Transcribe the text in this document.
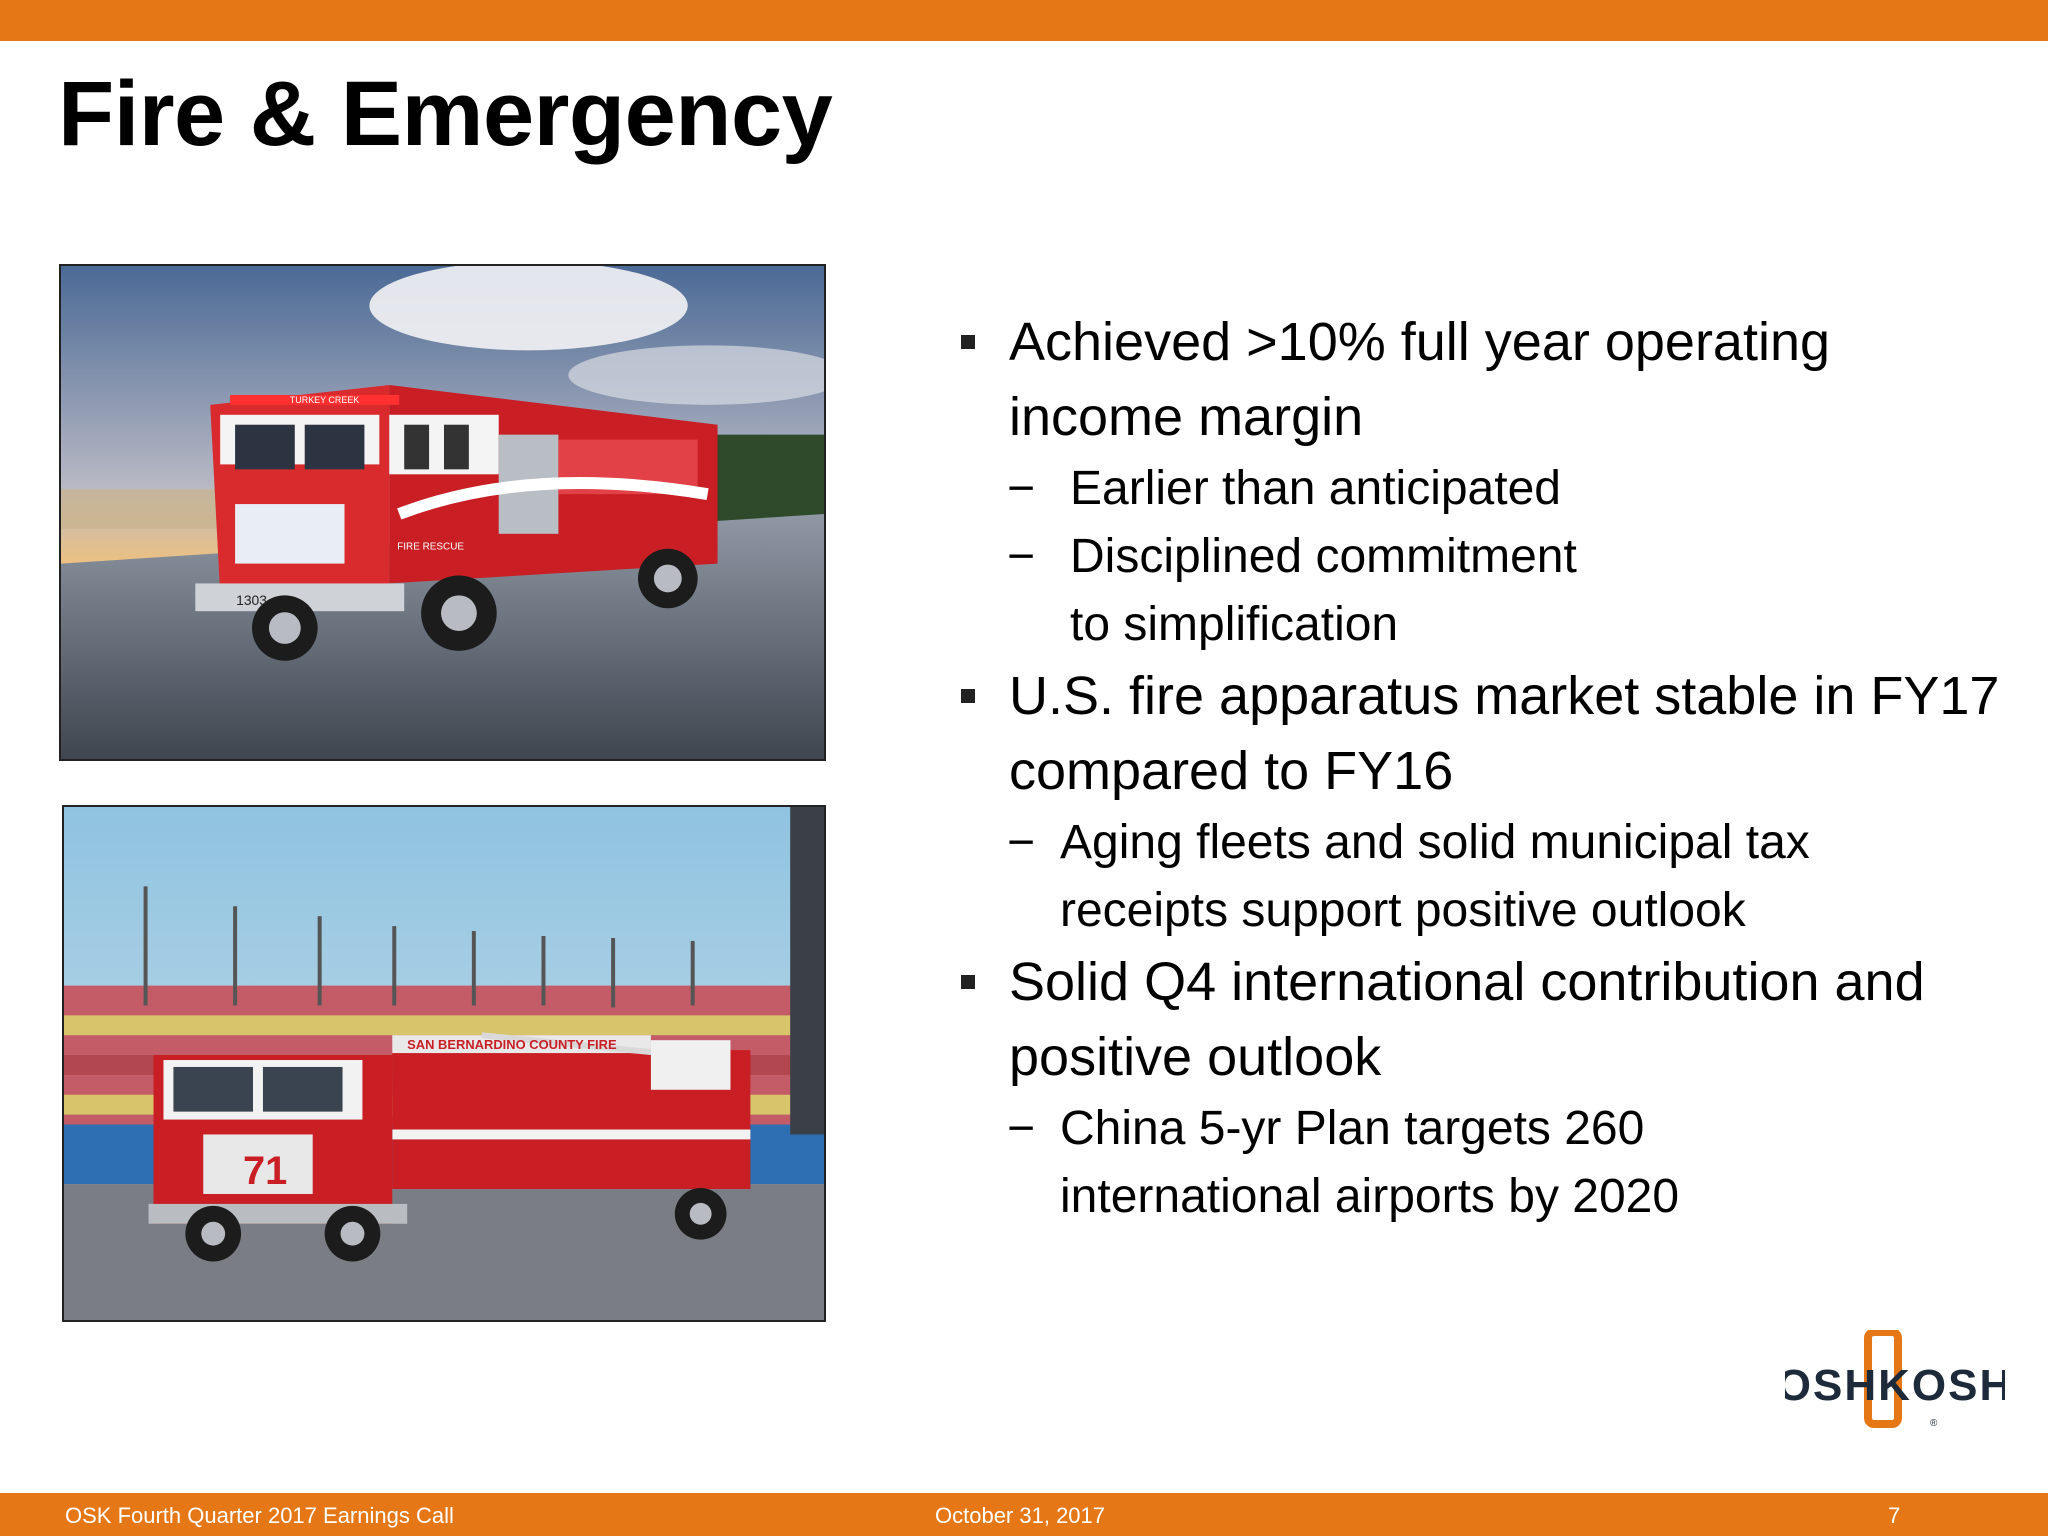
Fire & Emergency
1303
TURKEY CREEK
FIRE RESCUE
71
SAN BERNARDINO COUNTY FIRE
Achieved >10% full year operating income margin
− Earlier than anticipated
− Disciplined commitment to simplification
U.S. fire apparatus market stable in FY17 compared to FY16
− Aging fleets and solid municipal tax receipts support positive outlook
Solid Q4 international contribution and positive outlook
− China 5-yr Plan targets 260 international airports by 2020
OSHKOSH
®
OSK Fourth Quarter 2017 Earnings Call	October 31, 2017	7
